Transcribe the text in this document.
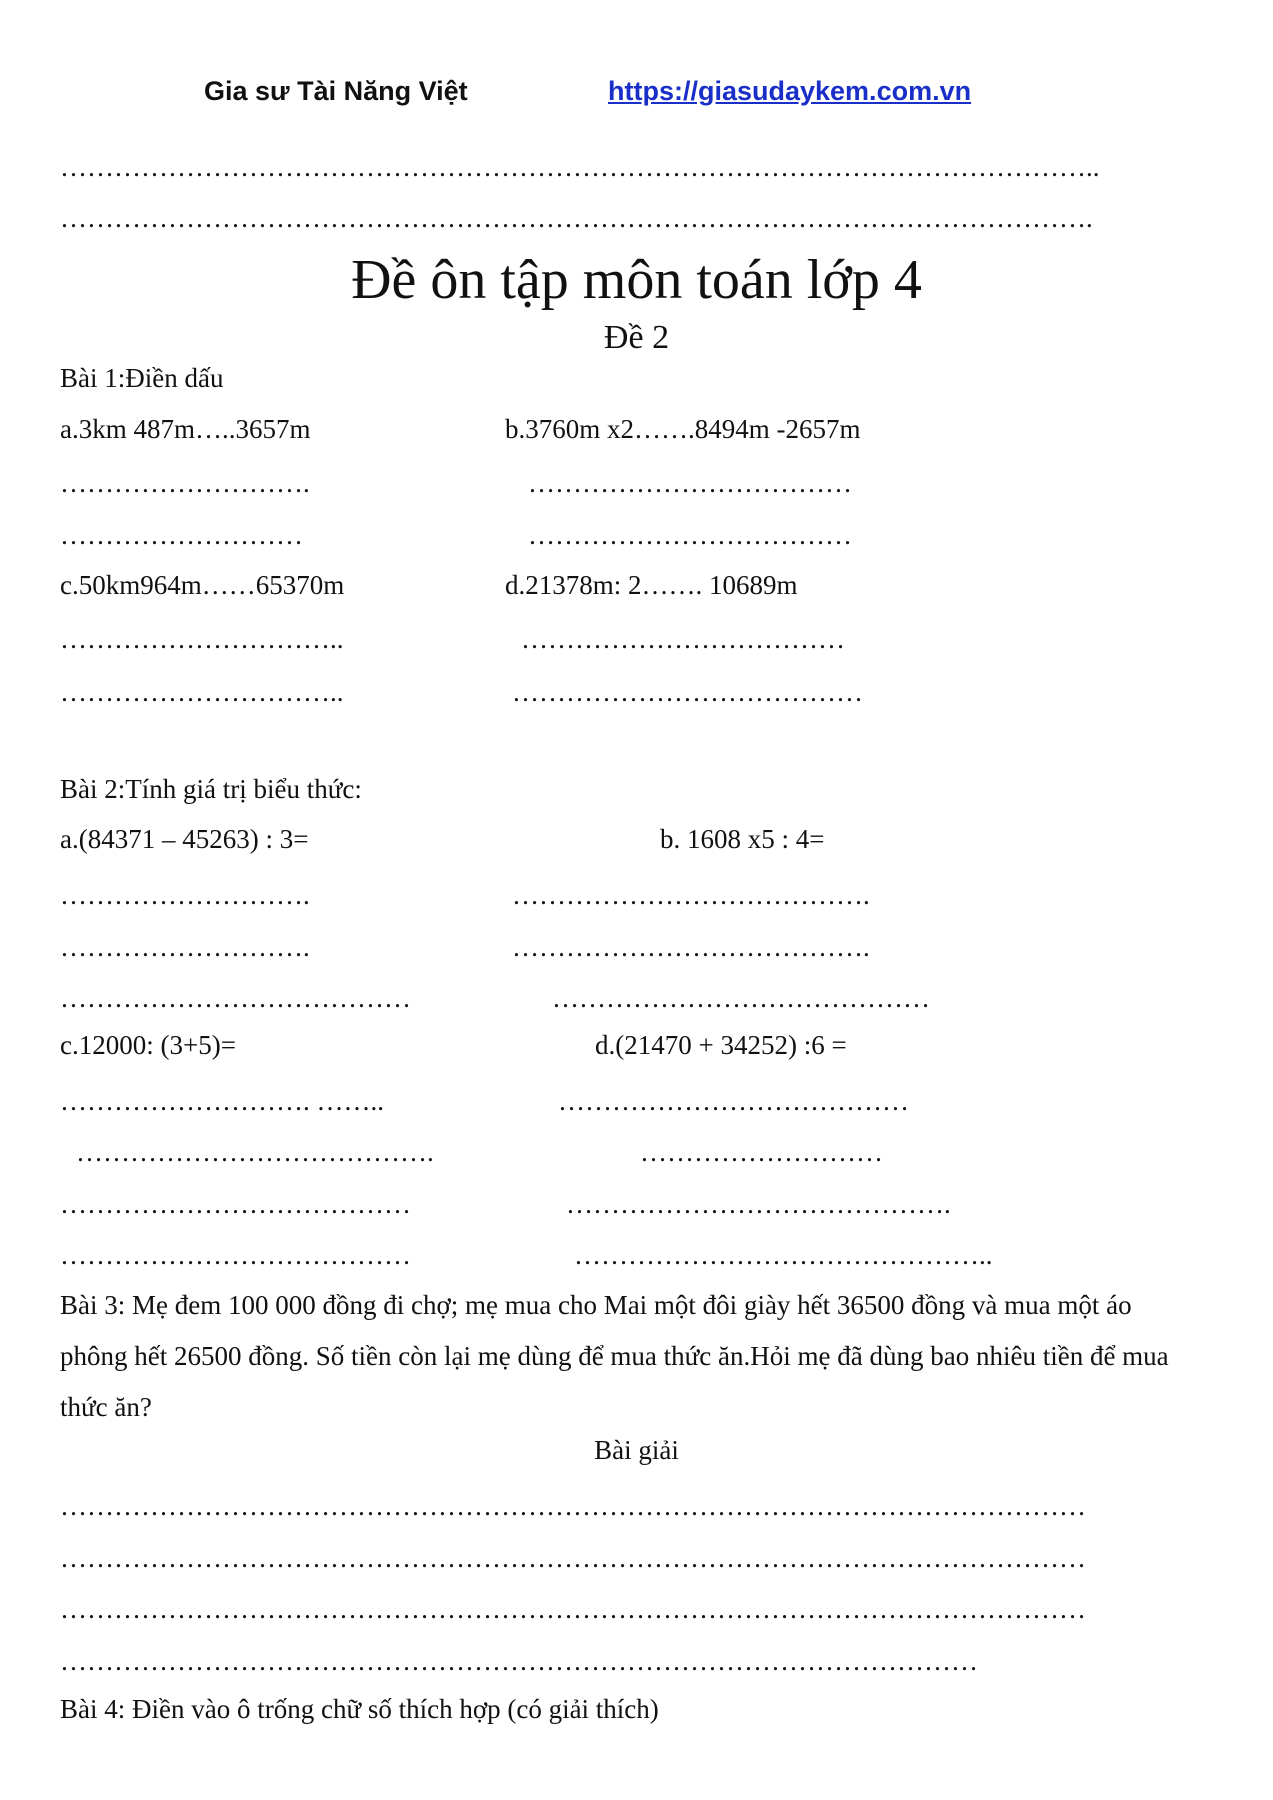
Gia sư Tài Năng Việt	https://giasudaykem.com.vn
……………………………………………………………………………………………………..
…………………………………………………………………………………………………….
Đề ôn tập môn toán lớp 4
Đề 2
Bài 1:Điền dấu
a.3km 487m…..3657m	b.3760m x2…….8494m -2657m
……………………….	………………………………
………………………	………………………………
c.50km964m……65370m	d.21378m: 2……. 10689m
…………………………..	………………………………
…………………………..	…………………………………
Bài 2:Tính giá trị biểu thức:
a.(84371 – 45263) : 3=	b. 1608 x5 : 4=
……………………….	………………………………….
……………………….	………………………………….
…………………………………	……………………………………
c.12000: (3+5)=	d.(21470 + 34252) :6 =
………………………. ……..	…………………………………
………………………………….	………………………
…………………………………	…………………………………….
…………………………………	………………………………………..
Bài 3: Mẹ đem 100 000 đồng đi chợ; mẹ mua cho Mai một đôi giày hết 36500 đồng và mua một áo phông hết 26500 đồng. Số tiền còn lại mẹ dùng để mua thức ăn.Hỏi mẹ đã dùng bao nhiêu tiền để mua thức ăn?
Bài giải
……………………………………………………………………………………………………
……………………………………………………………………………………………………
……………………………………………………………………………………………………
…………………………………………………………………………………………
Bài 4: Điền vào ô trống chữ số thích hợp (có giải thích)
